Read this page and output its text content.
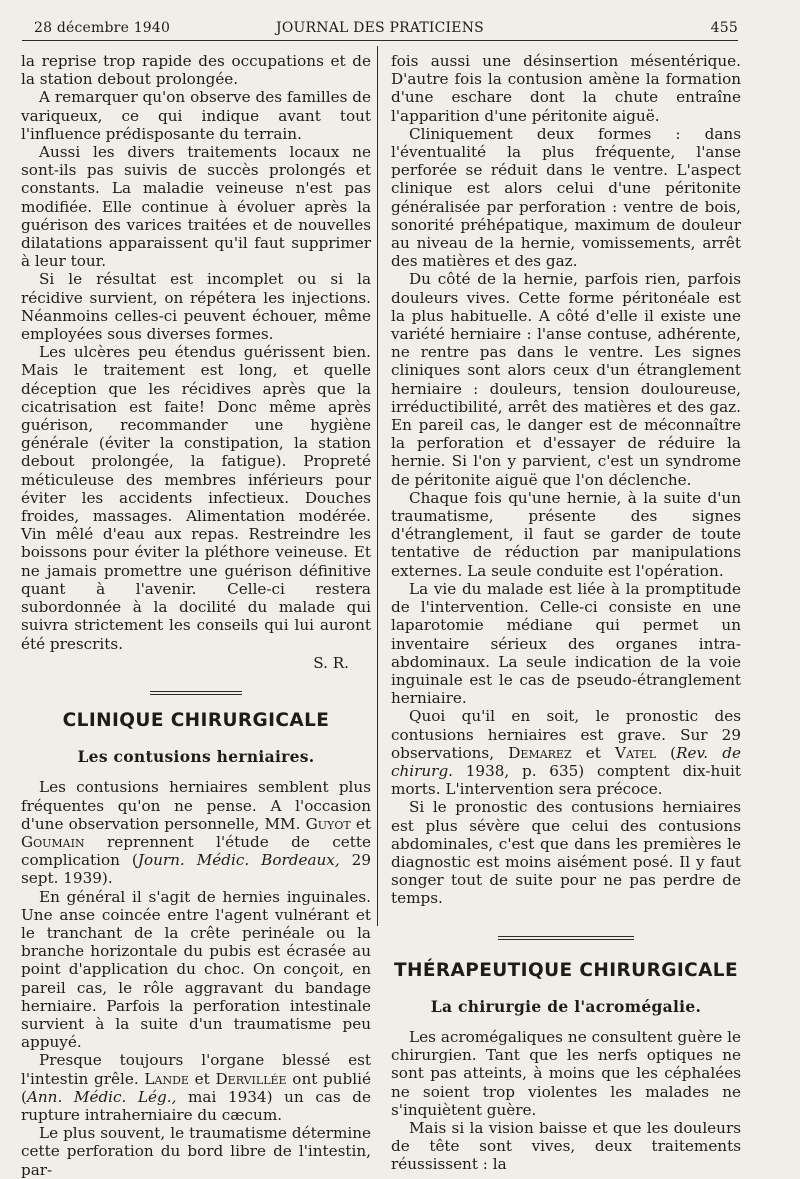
28 décembre 1940	JOURNAL DES PRATICIENS	455

la reprise trop rapide des occupations et de la station debout prolongée.

A remarquer qu'on observe des familles de variqueux, ce qui indique avant tout l'influence prédisposante du terrain.

Aussi les divers traitements locaux ne sont-ils pas suivis de succès prolongés et constants. La maladie veineuse n'est pas modifiée. Elle continue à évoluer après la guérison des varices traitées et de nouvelles dilatations apparaissent qu'il faut supprimer à leur tour.

Si le résultat est incomplet ou si la récidive survient, on répétera les injections. Néanmoins celles-ci peuvent échouer, même employées sous diverses formes.

Les ulcères peu étendus guérissent bien. Mais le traitement est long, et quelle déception que les récidives après que la cicatrisation est faite! Donc même après guérison, recommander une hygiène générale (éviter la constipation, la station debout prolongée, la fatigue). Propreté méticuleuse des membres inférieurs pour éviter les accidents infectieux. Douches froides, massages. Alimentation modérée. Vin mêlé d'eau aux repas. Restreindre les boissons pour éviter la pléthore veineuse. Et ne jamais promettre une guérison définitive quant à l'avenir. Celle-ci restera subordonnée à la docilité du malade qui suivra strictement les conseils qui lui auront été prescrits.

S. R.
CLINIQUE CHIRURGICALE
Les contusions herniaires.

Les contusions herniaires semblent plus fréquentes qu'on ne pense. A l'occasion d'une observation personnelle, MM. Guyot et Goumain reprennent l'étude de cette complication (Journ. Médic. Bordeaux, 29 sept. 1939).

En général il s'agit de hernies inguinales. Une anse coincée entre l'agent vulnérant et le tranchant de la crête perinéale ou la branche horizontale du pubis est écrasée au point d'application du choc. On conçoit, en pareil cas, le rôle aggravant du bandage herniaire. Parfois la perforation intestinale survient à la suite d'un traumatisme peu appuyé.

Presque toujours l'organe blessé est l'intestin grêle. Lande et Dervillée ont publié (Ann. Médic. Lég., mai 1934) un cas de rupture intraherniaire du cæcum.

Le plus souvent, le traumatisme détermine cette perforation du bord libre de l'intestin, par-

fois aussi une désinsertion mésentérique. D'autre fois la contusion amène la formation d'une eschare dont la chute entraîne l'apparition d'une péritonite aiguë.

Cliniquement deux formes : dans l'éventualité la plus fréquente, l'anse perforée se réduit dans le ventre. L'aspect clinique est alors celui d'une péritonite généralisée par perforation : ventre de bois, sonorité préhépatique, maximum de douleur au niveau de la hernie, vomissements, arrêt des matières et des gaz.

Du côté de la hernie, parfois rien, parfois douleurs vives. Cette forme péritonéale est la plus habituelle. A côté d'elle il existe une variété herniaire : l'anse contuse, adhérente, ne rentre pas dans le ventre. Les signes cliniques sont alors ceux d'un étranglement herniaire : douleurs, tension douloureuse, irréductibilité, arrêt des matières et des gaz. En pareil cas, le danger est de méconnaître la perforation et d'essayer de réduire la hernie. Si l'on y parvient, c'est un syndrome de péritonite aiguë que l'on déclenche.

Chaque fois qu'une hernie, à la suite d'un traumatisme, présente des signes d'étranglement, il faut se garder de toute tentative de réduction par manipulations externes. La seule conduite est l'opération.

La vie du malade est liée à la promptitude de l'intervention. Celle-ci consiste en une laparotomie médiane qui permet un inventaire sérieux des organes intra-abdominaux. La seule indication de la voie inguinale est le cas de pseudo-étranglement herniaire.

Quoi qu'il en soit, le pronostic des contusions herniaires est grave. Sur 29 observations, Demarez et Vatel (Rev. de chirurg. 1938, p. 635) comptent dix-huit morts. L'intervention sera précoce.

Si le pronostic des contusions herniaires est plus sévère que celui des contusions abdominales, c'est que dans les premières le diagnostic est moins aisément posé. Il y faut songer tout de suite pour ne pas perdre de temps.

THÉRAPEUTIQUE CHIRURGICALE
La chirurgie de l'acromégalie.

Les acromégaliques ne consultent guère le chirurgien. Tant que les nerfs optiques ne sont pas atteints, à moins que les céphalées ne soient trop violentes les malades ne s'inquiètent guère.

Mais si la vision baisse et que les douleurs de tête sont vives, deux traitements réussissent : la
